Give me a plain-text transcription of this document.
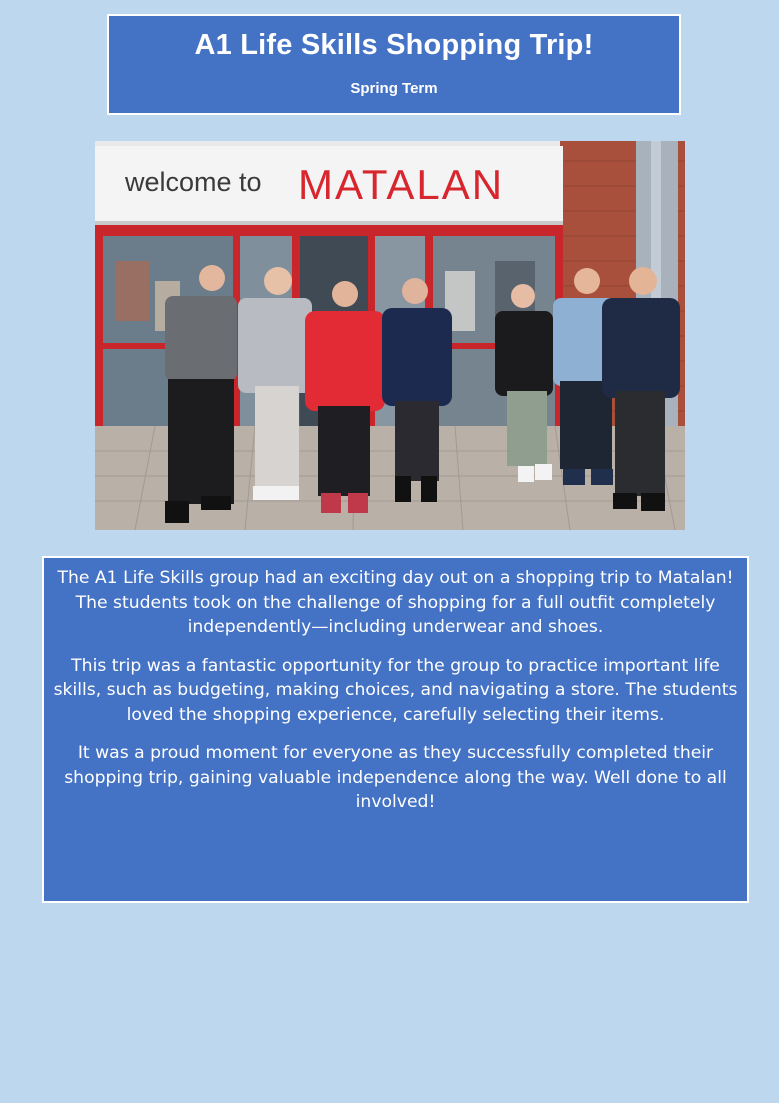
A1 Life Skills Shopping Trip!
Spring Term
welcome to MATALAN

The A1 Life Skills group had an exciting day out on a shopping trip to Matalan! The students took on the challenge of shopping for a full outfit completely independently—including underwear and shoes.

This trip was a fantastic opportunity for the group to practice important life skills, such as budgeting, making choices, and navigating a store. The students loved the shopping experience, carefully selecting their items.

It was a proud moment for everyone as they successfully completed their shopping trip, gaining valuable independence along the way. Well done to all involved!
